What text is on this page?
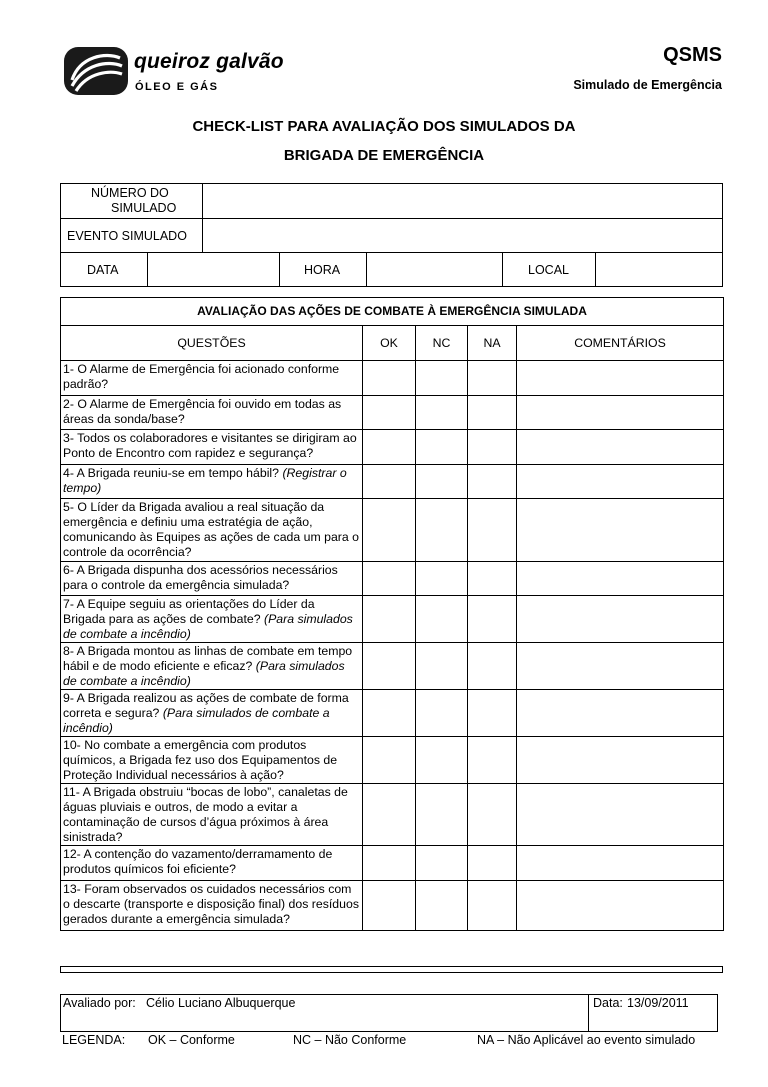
queiroz galvão
ÓLEO E GÁS
QSMS
Simulado de Emergência
CHECK-LIST PARA AVALIAÇÃO DOS SIMULADOS DA
BRIGADA DE EMERGÊNCIA
NÚMERO DO
SIMULADO
EVENTO SIMULADO
DATA	HORA	LOCAL
AVALIAÇÃO DAS AÇÕES DE COMBATE À EMERGÊNCIA SIMULADA				
QUESTÕES	OK	NC	NA	COMENTÁRIOS
1- O Alarme de Emergência foi acionado conforme padrão?				
2- O Alarme de Emergência foi ouvido em todas as áreas da sonda/base?				
3- Todos os colaboradores e visitantes se dirigiram ao Ponto de Encontro com rapidez e segurança?				
4- A Brigada reuniu-se em tempo hábil? (Registrar o tempo)				
5- O Líder da Brigada avaliou a real situação da emergência e definiu uma estratégia de ação, comunicando às Equipes as ações de cada um para o controle da ocorrência?				
6- A Brigada dispunha dos acessórios necessários para o controle da emergência simulada?				
7- A Equipe seguiu as orientações do Líder da Brigada para as ações de combate? (Para simulados de combate a incêndio)				
8- A Brigada montou as linhas de combate em tempo hábil e de modo eficiente e eficaz? (Para simulados de combate a incêndio)				
9- A Brigada realizou as ações de combate de forma correta e segura? (Para simulados de combate a incêndio)				
10- No combate a emergência com produtos químicos, a Brigada fez uso dos Equipamentos de Proteção Individual necessários à ação?				
11- A Brigada obstruiu “bocas de lobo”, canaletas de águas pluviais e outros, de modo a evitar a contaminação de cursos d’água próximos à área sinistrada?				
12- A contenção do vazamento/derramamento de produtos químicos foi eficiente?				
13- Foram observados os cuidados necessários com o descarte (transporte e disposição final) dos resíduos gerados durante a emergência simulada?				
Avaliado por: Célio Luciano Albuquerque	Data: 13/09/2011
LEGENDA: OK – Conforme	NC – Não Conforme	NA – Não Aplicável ao evento simulado
